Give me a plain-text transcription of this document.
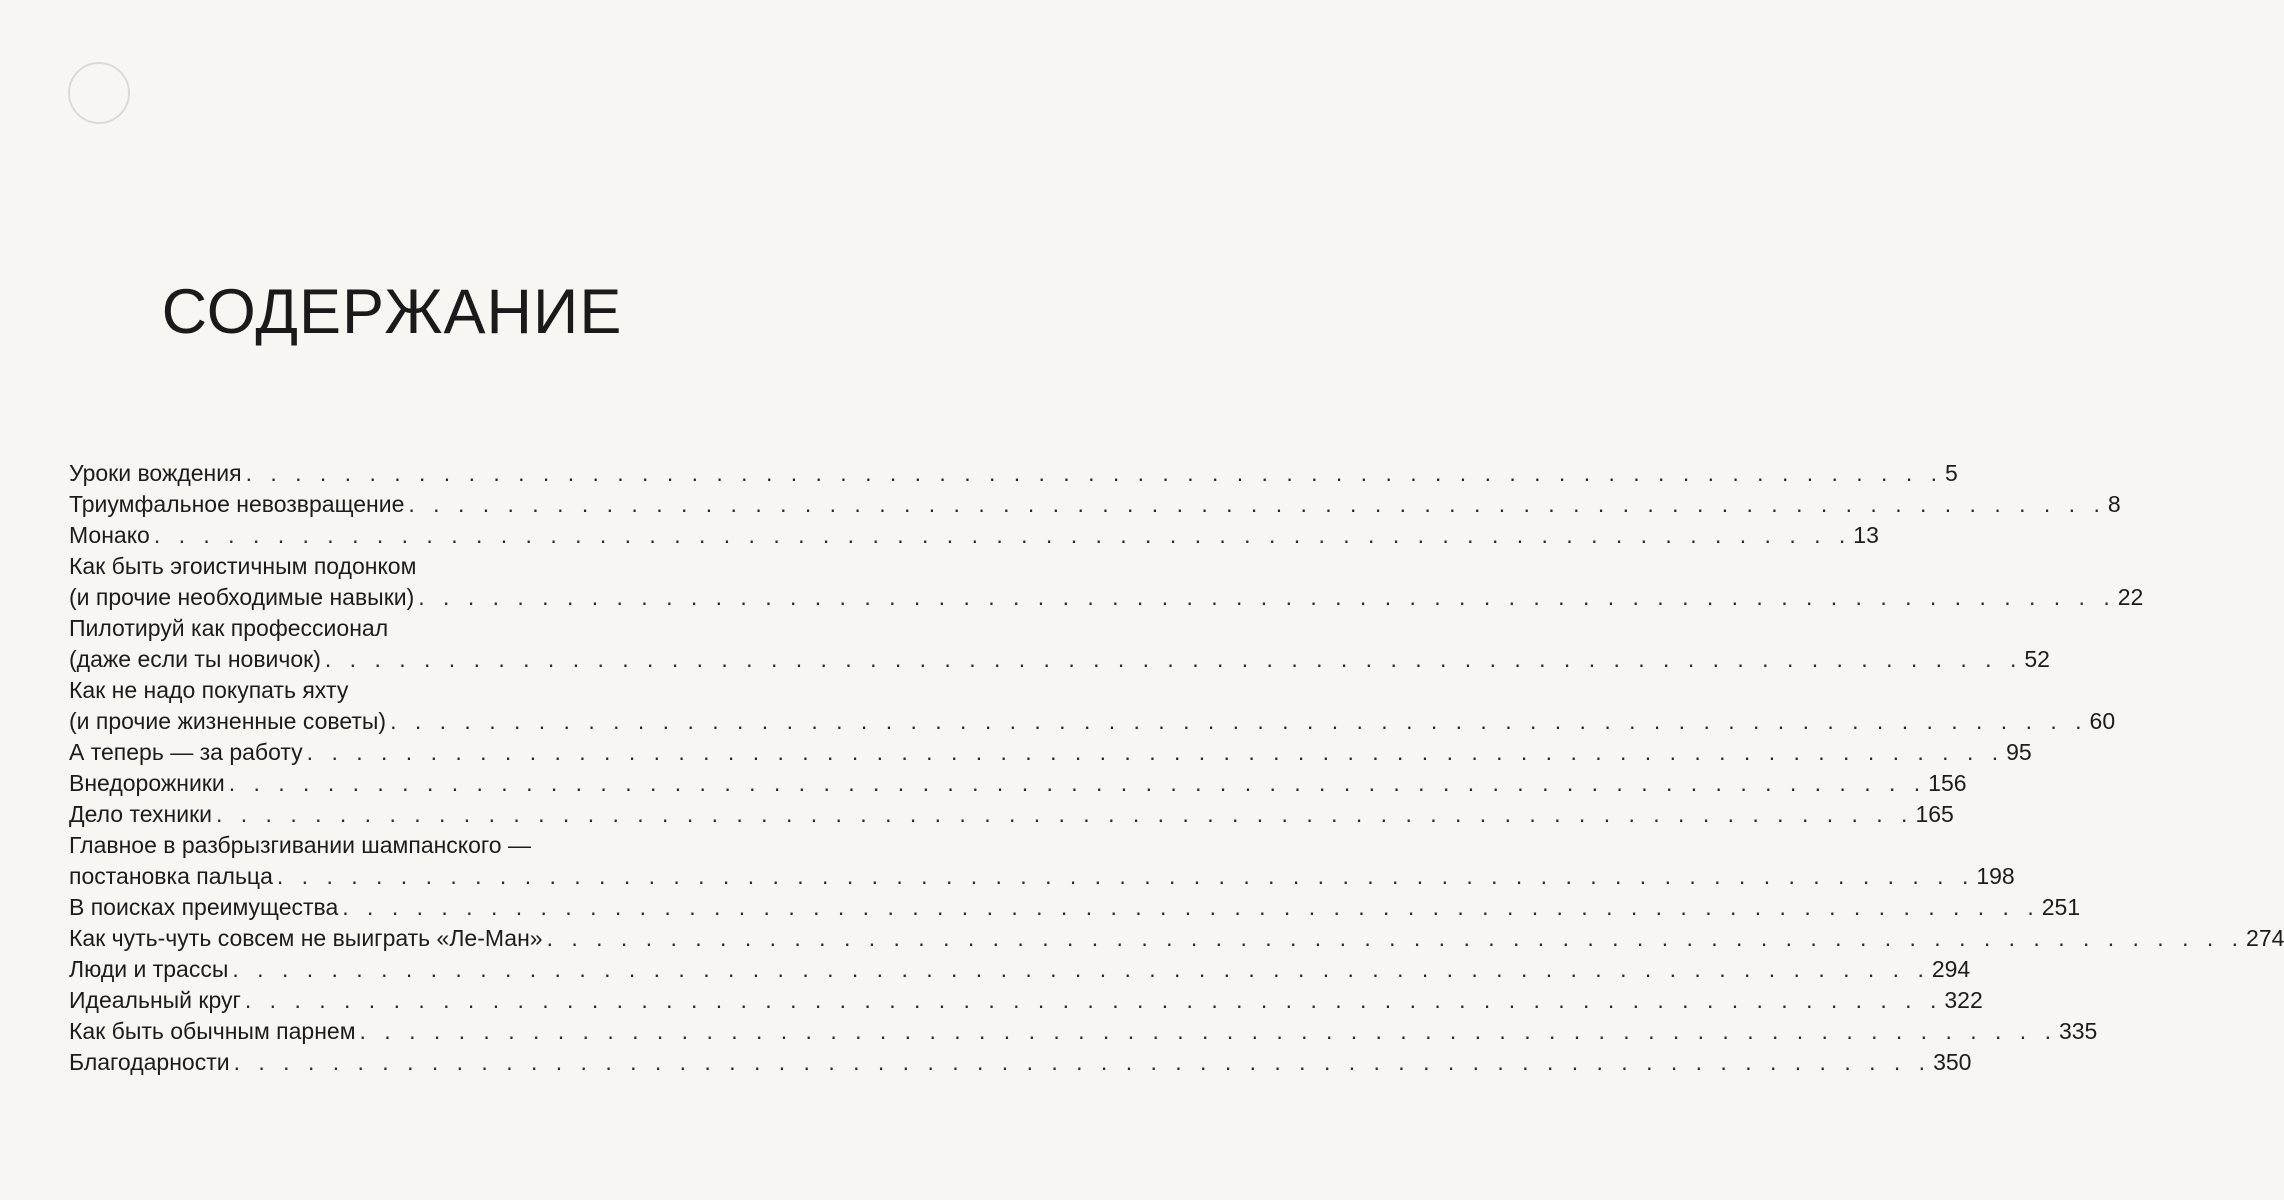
СОДЕРЖАНИЕ
Уроки вождения . . . . . . . . . . . . . . . . . . . . . . . . . . . . . . . . . . . . . . . . . . . . . . . . . . . . . . . . . . . . . . . . . . . . . 5
Триумфальное невозвращение . . . . . . . . . . . . . . . . . . . . . . . . . . . . . . . . . . . . . . . . . . . . . . . . . . . . . . . . . . . . . . . . . . . . . 8
Монако . . . . . . . . . . . . . . . . . . . . . . . . . . . . . . . . . . . . . . . . . . . . . . . . . . . . . . . . . . . . . . . . . . . . . 13
Как быть эгоистичным подонком
(и прочие необходимые навыки) . . . . . . . . . . . . . . . . . . . . . . . . . . . . . . . . . . . . . . . . . . . . . . . . . . . . . . . . . . . . . . . . . . . . . 22
Пилотируй как профессионал
(даже если ты новичок) . . . . . . . . . . . . . . . . . . . . . . . . . . . . . . . . . . . . . . . . . . . . . . . . . . . . . . . . . . . . . . . . . . . . . 52
Как не надо покупать яхту
(и прочие жизненные советы) . . . . . . . . . . . . . . . . . . . . . . . . . . . . . . . . . . . . . . . . . . . . . . . . . . . . . . . . . . . . . . . . . . . . . 60
А теперь — за работу . . . . . . . . . . . . . . . . . . . . . . . . . . . . . . . . . . . . . . . . . . . . . . . . . . . . . . . . . . . . . . . . . . . . . 95
Внедорожники . . . . . . . . . . . . . . . . . . . . . . . . . . . . . . . . . . . . . . . . . . . . . . . . . . . . . . . . . . . . . . . . . . . . . 156
Дело техники . . . . . . . . . . . . . . . . . . . . . . . . . . . . . . . . . . . . . . . . . . . . . . . . . . . . . . . . . . . . . . . . . . . . . 165
Главное в разбрызгивании шампанского —
постановка пальца . . . . . . . . . . . . . . . . . . . . . . . . . . . . . . . . . . . . . . . . . . . . . . . . . . . . . . . . . . . . . . . . . . . . . 198
В поисках преимущества . . . . . . . . . . . . . . . . . . . . . . . . . . . . . . . . . . . . . . . . . . . . . . . . . . . . . . . . . . . . . . . . . . . . . 251
Как чуть-чуть совсем не выиграть «Ле-Ман» . . . . . . . . . . . . . . . . . . . . . . . . . . . . . . . . . . . . . . . . . . . . . . . . . . . . . . . . . . . . . . . . . . . . . 274
Люди и трассы . . . . . . . . . . . . . . . . . . . . . . . . . . . . . . . . . . . . . . . . . . . . . . . . . . . . . . . . . . . . . . . . . . . . . 294
Идеальный круг . . . . . . . . . . . . . . . . . . . . . . . . . . . . . . . . . . . . . . . . . . . . . . . . . . . . . . . . . . . . . . . . . . . . . 322
Как быть обычным парнем . . . . . . . . . . . . . . . . . . . . . . . . . . . . . . . . . . . . . . . . . . . . . . . . . . . . . . . . . . . . . . . . . . . . . 335
Благодарности . . . . . . . . . . . . . . . . . . . . . . . . . . . . . . . . . . . . . . . . . . . . . . . . . . . . . . . . . . . . . . . . . . . . . 350
